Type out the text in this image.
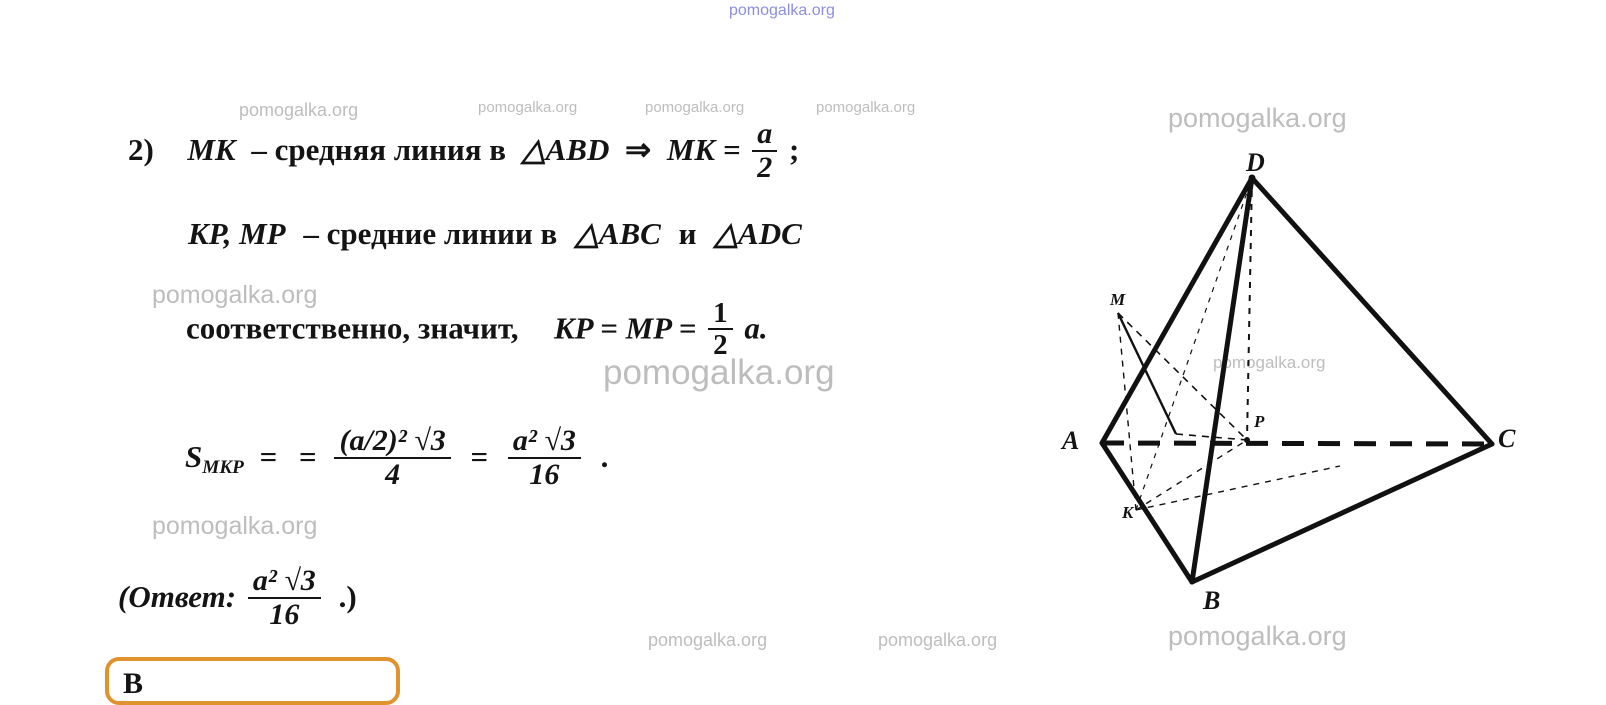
pomogalka.org
pomogalka.org	pomogalka.org	pomogalka.org	pomogalka.org	pomogalka.org
pomogalka.org
pomogalka.org	pomogalka.org
pomogalka.org
pomogalka.org	pomogalka.org	pomogalka.org
2) MK – средняя линия в △ABD ⇒ MK = $\frac{a}{2}$ ;
KP, MP – средние линии в △ABC и △ADC
соответственно, значит, KP = MP = $\frac{1}{2} a$.
$S_{MKP}$ = = $\frac{\text{(a/2)² √3}}{4} = \frac{\text{a² √3}}{16}$ .
(Ответ: $\frac{\text{a² √3}}{16}$ .)
В
D
A	C
B
M
P
K
